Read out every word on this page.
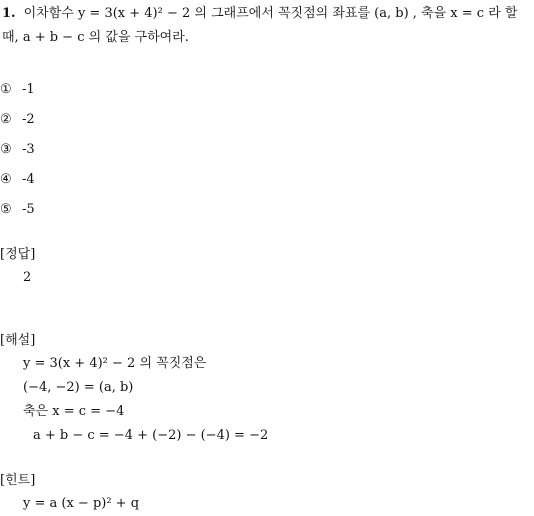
1. 이차함수 y = 3(x + 4)² − 2 의 그래프에서 꼭짓점의 좌표를 (a, b) , 축을 x = c 라 할 때, a + b − c 의 값을 구하여라.
① -1
② -2
③ -3
④ -4
⑤ -5
[정답]
2
[해설]
y = 3(x + 4)² − 2 의 꼭짓점은
(−4, −2) = (a, b)
축은 x = c = −4
a + b − c = −4 + (−2) − (−4) = −2
[힌트]
y = a (x − p)² + q
